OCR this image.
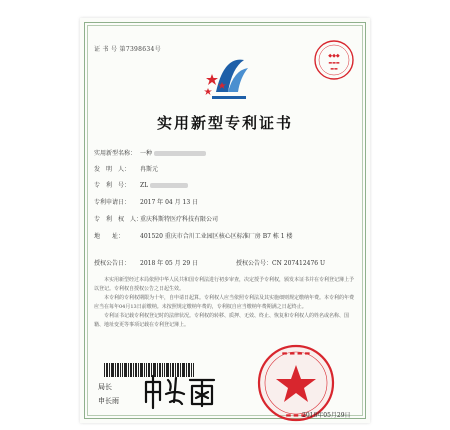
证 书 号 第7398634号
◆◆◆
▬▬▬
▬▬
实用新型专利证书
实用新型名称： 一种
发　明　人： 冉斯元
专　利　号： ZL
专利申请日： 2017 年 04 月 13 日
专　利　权　人：重庆科斯特医疗科技有限公司
地　　址：	401520 重庆市合川工业园区核心区标准厂房 B7 栋 1 楼
授权公告日： 2018 年 05 月 29 日	授权公告号：CN 207412476 U

本实用新型经过本局依照中华人民共和国专利法进行初步审查，决定授予专利权，颁发本证书并在专利登记簿上予以登记。专利权自授权公告之日起生效。

本专利的专利权期限为十年，自申请日起算。专利权人应当依照专利法及其实施细则规定缴纳年费。本专利的年费应当在每年04月13日前缴纳。未按照规定缴纳年费的，专利权自应当缴纳年费期满之日起终止。

专利证书记载专利权登记时的法律状况。专利权的转移、质押、无效、终止、恢复和专利权人的姓名或名称、国籍、地址变更等事项记载在专利登记簿上。

局长
申长雨
▬ ▬ ▬ ▬
▬ ▬ ▬
2018年05月29日
